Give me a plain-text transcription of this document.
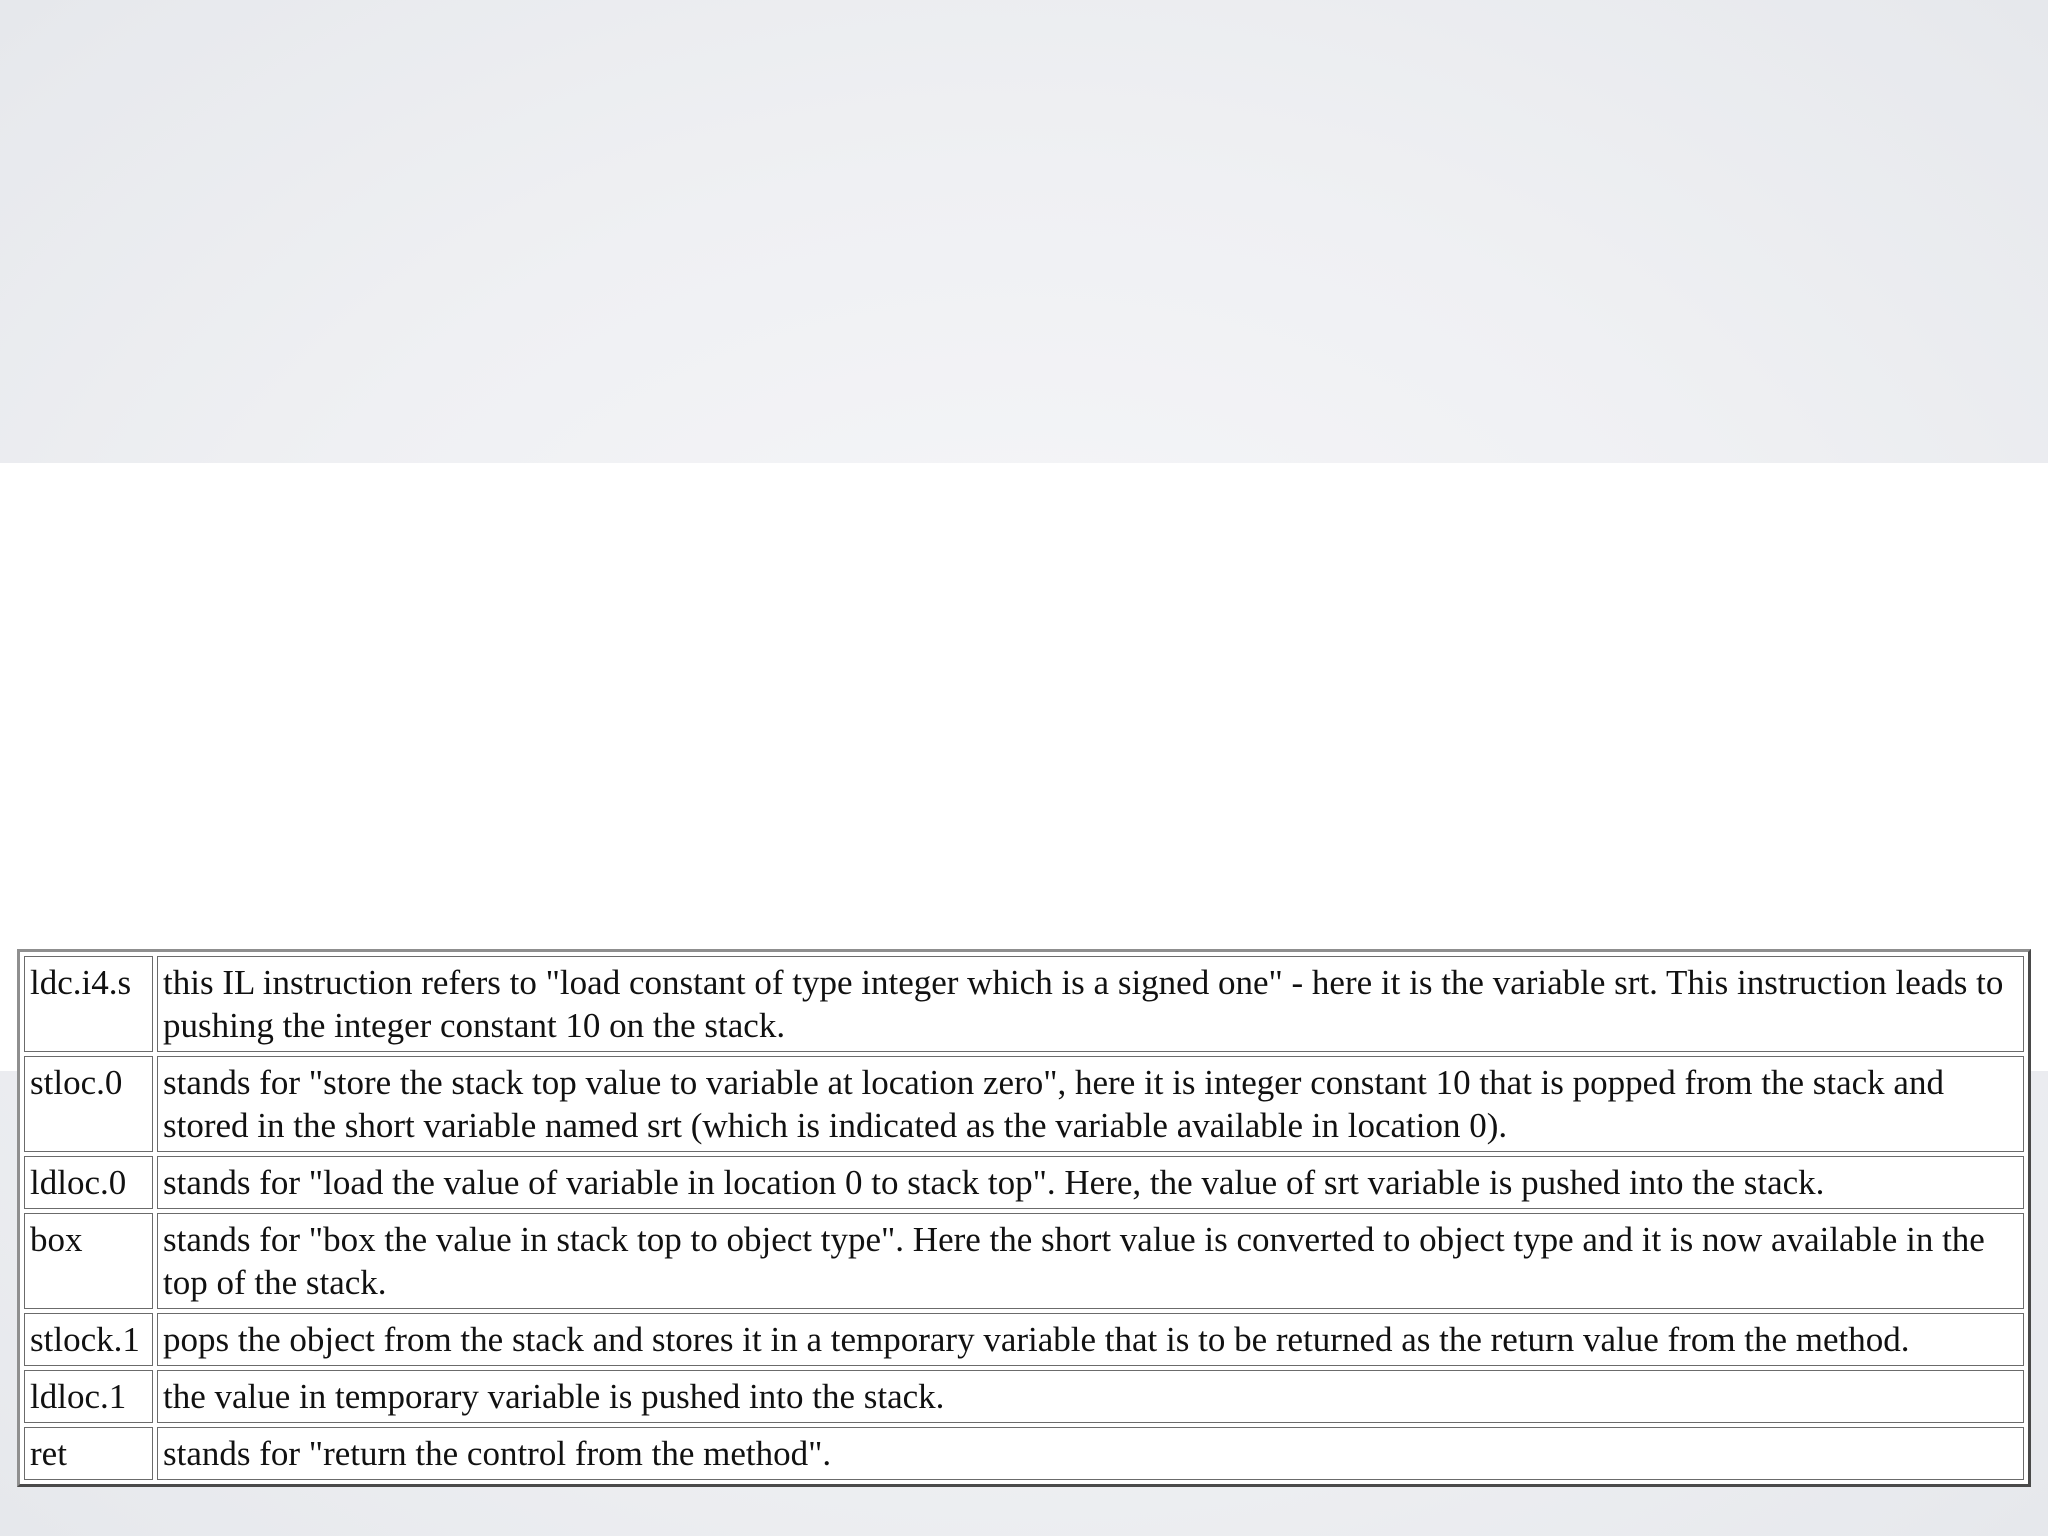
ldc.i4.s	this IL instruction refers to "load constant of type integer which is a signed one" - here it is the variable srt. This instruction leads to pushing the integer constant 10 on the stack.
stloc.0	stands for "store the stack top value to variable at location zero", here it is integer constant 10 that is popped from the stack and stored in the short variable named srt (which is indicated as the variable available in location 0).
ldloc.0	stands for "load the value of variable in location 0 to stack top". Here, the value of srt variable is pushed into the stack.
box	stands for "box the value in stack top to object type". Here the short value is converted to object type and it is now available in the top of the stack.
stlock.1	pops the object from the stack and stores it in a temporary variable that is to be returned as the return value from the method.
ldloc.1	the value in temporary variable is pushed into the stack.
ret	stands for "return the control from the method".
